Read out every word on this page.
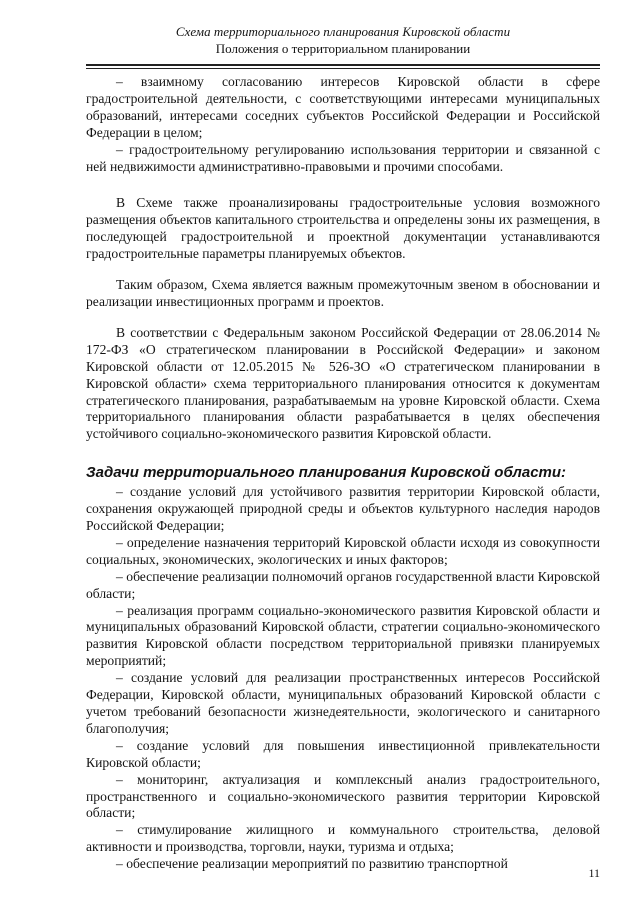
Схема территориального планирования Кировской области
Положения о территориальном планировании

– взаимному согласованию интересов Кировской области в сфере градостроительной деятельности, с соответствующими интересами муниципальных образований, интересами соседних субъектов Российской Федерации и Российской Федерации в целом;

– градостроительному регулированию использования территории и связанной с ней недвижимости административно-правовыми и прочими способами.

В Схеме также проанализированы градостроительные условия возможного размещения объектов капитального строительства и определены зоны их размещения, в последующей градостроительной и проектной документации устанавливаются градостроительные параметры планируемых объектов.

Таким образом, Схема является важным промежуточным звеном в обосновании и реализации инвестиционных программ и проектов.

В соответствии с Федеральным законом Российской Федерации от 28.06.2014 № 172-ФЗ «О стратегическом планировании в Российской Федерации» и законом Кировской области от 12.05.2015 № 526-ЗО «О стратегическом планировании в Кировской области» схема территориального планирования относится к документам стратегического планирования, разрабатываемым на уровне Кировской области. Схема территориального планирования области разрабатывается в целях обеспечения устойчивого социально-экономического развития Кировской области.

Задачи территориального планирования Кировской области:

– создание условий для устойчивого развития территории Кировской области, сохранения окружающей природной среды и объектов культурного наследия народов Российской Федерации;

– определение назначения территорий Кировской области исходя из совокупности социальных, экономических, экологических и иных факторов;

– обеспечение реализации полномочий органов государственной власти Кировской области;

– реализация программ социально-экономического развития Кировской области и муниципальных образований Кировской области, стратегии социально-экономического развития Кировской области посредством территориальной привязки планируемых мероприятий;

– создание условий для реализации пространственных интересов Российской Федерации, Кировской области, муниципальных образований Кировской области с учетом требований безопасности жизнедеятельности, экологического и санитарного благополучия;

– создание условий для повышения инвестиционной привлекательности Кировской области;

– мониторинг, актуализация и комплексный анализ градостроительного, пространственного и социально-экономического развития территории Кировской области;

– стимулирование жилищного и коммунального строительства, деловой активности и производства, торговли, науки, туризма и отдыха;

– обеспечение реализации мероприятий по развитию транспортной

11
